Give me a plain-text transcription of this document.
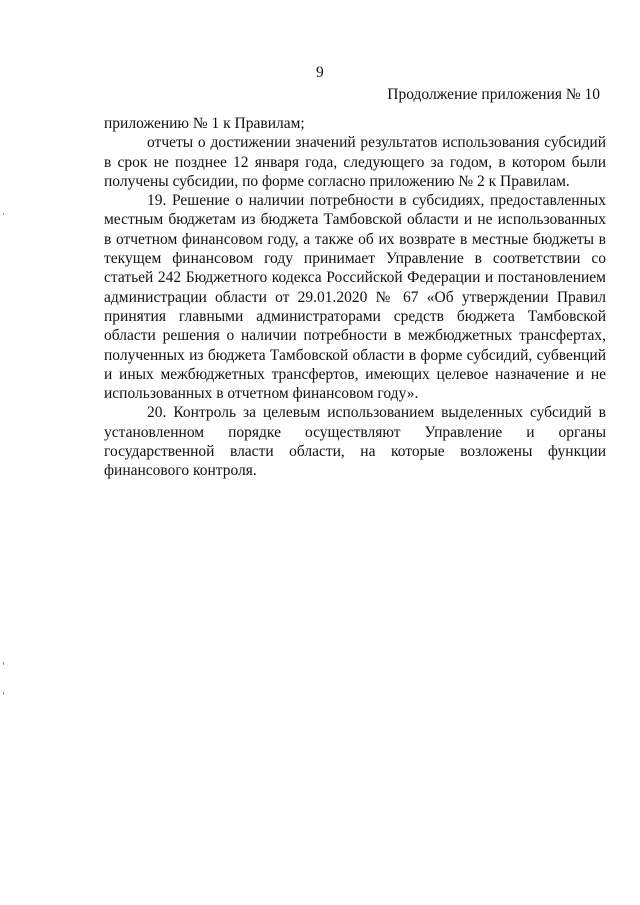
9
Продолжение приложения № 10

приложению № 1 к Правилам;

отчеты о достижении значений результатов использования субсидий в срок не позднее 12 января года, следующего за годом, в котором были получены субсидии, по форме согласно приложению № 2 к Правилам.

19. Решение о наличии потребности в субсидиях, предоставленных местным бюджетам из бюджета Тамбовской области и не использованных в отчетном финансовом году, а также об их возврате в местные бюджеты в текущем финансовом году принимает Управление в соответствии со статьей 242 Бюджетного кодекса Российской Федерации и постановлением администрации области от 29.01.2020 № 67 «Об утверждении Правил принятия главными администраторами средств бюджета Тамбовской области решения о наличии потребности в межбюджетных трансфертах, полученных из бюджета Тамбовской области в форме субсидий, субвенций и иных межбюджетных трансфертов, имеющих целевое назначение и не использованных в отчетном финансовом году».

20. Контроль за целевым использованием выделенных субсидий в установленном порядке осуществляют Управление и органы государственной власти области, на которые возложены функции финансового контроля.
